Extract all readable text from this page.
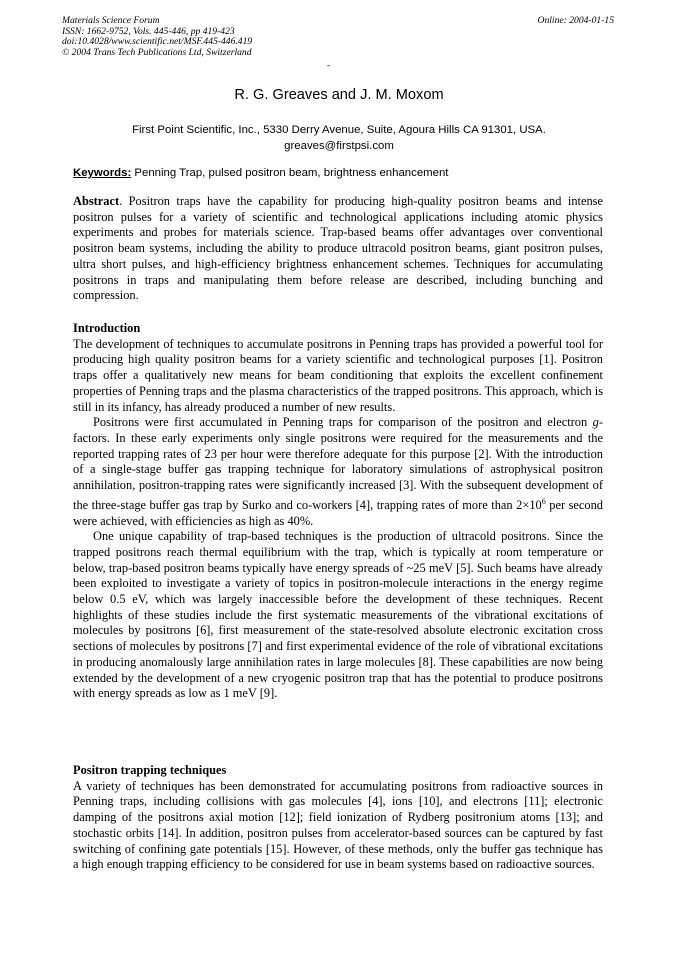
Materials Science Forum
ISSN: 1662-9752, Vols. 445-446, pp 419-423
doi:10.4028/www.scientific.net/MSF.445-446.419
© 2004 Trans Tech Publications Ltd, Switzerland
Online: 2004-01-15
-
R. G. Greaves and J. M. Moxom
First Point Scientific, Inc., 5330 Derry Avenue, Suite, Agoura Hills CA 91301, USA.
greaves@firstpsi.com
Keywords: Penning Trap, pulsed positron beam, brightness enhancement

Abstract. Positron traps have the capability for producing high-quality positron beams and intense positron pulses for a variety of scientific and technological applications including atomic physics experiments and probes for materials science. Trap-based beams offer advantages over conventional positron beam systems, including the ability to produce ultracold positron beams, giant positron pulses, ultra short pulses, and high-efficiency brightness enhancement schemes. Techniques for accumulating positrons in traps and manipulating them before release are described, including bunching and compression.

Introduction

The development of techniques to accumulate positrons in Penning traps has provided a powerful tool for producing high quality positron beams for a variety scientific and technological purposes [1]. Positron traps offer a qualitatively new means for beam conditioning that exploits the excellent confinement properties of Penning traps and the plasma characteristics of the trapped positrons. This approach, which is still in its infancy, has already produced a number of new results.

Positrons were first accumulated in Penning traps for comparison of the positron and electron g-factors. In these early experiments only single positrons were required for the measurements and the reported trapping rates of 23 per hour were therefore adequate for this purpose [2]. With the introduction of a single-stage buffer gas trapping technique for laboratory simulations of astrophysical positron annihilation, positron-trapping rates were significantly increased [3]. With the subsequent development of the three-stage buffer gas trap by Surko and co-workers [4], trapping rates of more than $2\times 10^6$ per second were achieved, with efficiencies as high as 40%.

One unique capability of trap-based techniques is the production of ultracold positrons. Since the trapped positrons reach thermal equilibrium with the trap, which is typically at room temperature or below, trap-based positron beams typically have energy spreads of ~25 meV [5]. Such beams have already been exploited to investigate a variety of topics in positron-molecule interactions in the energy regime below 0.5 eV, which was largely inaccessible before the development of these techniques. Recent highlights of these studies include the first systematic measurements of the vibrational excitations of molecules by positrons [6], first measurement of the state-resolved absolute electronic excitation cross sections of molecules by positrons [7] and first experimental evidence of the role of vibrational excitations in producing anomalously large annihilation rates in large molecules [8]. These capabilities are now being extended by the development of a new cryogenic positron trap that has the potential to produce positrons with energy spreads as low as 1 meV [9].

Positron trapping techniques

A variety of techniques has been demonstrated for accumulating positrons from radioactive sources in Penning traps, including collisions with gas molecules [4], ions [10], and electrons [11]; electronic damping of the positrons axial motion [12]; field ionization of Rydberg positronium atoms [13]; and stochastic orbits [14]. In addition, positron pulses from accelerator-based sources can be captured by fast switching of confining gate potentials [15]. However, of these methods, only the buffer gas technique has a high enough trapping efficiency to be considered for use in beam systems based on radioactive sources.
